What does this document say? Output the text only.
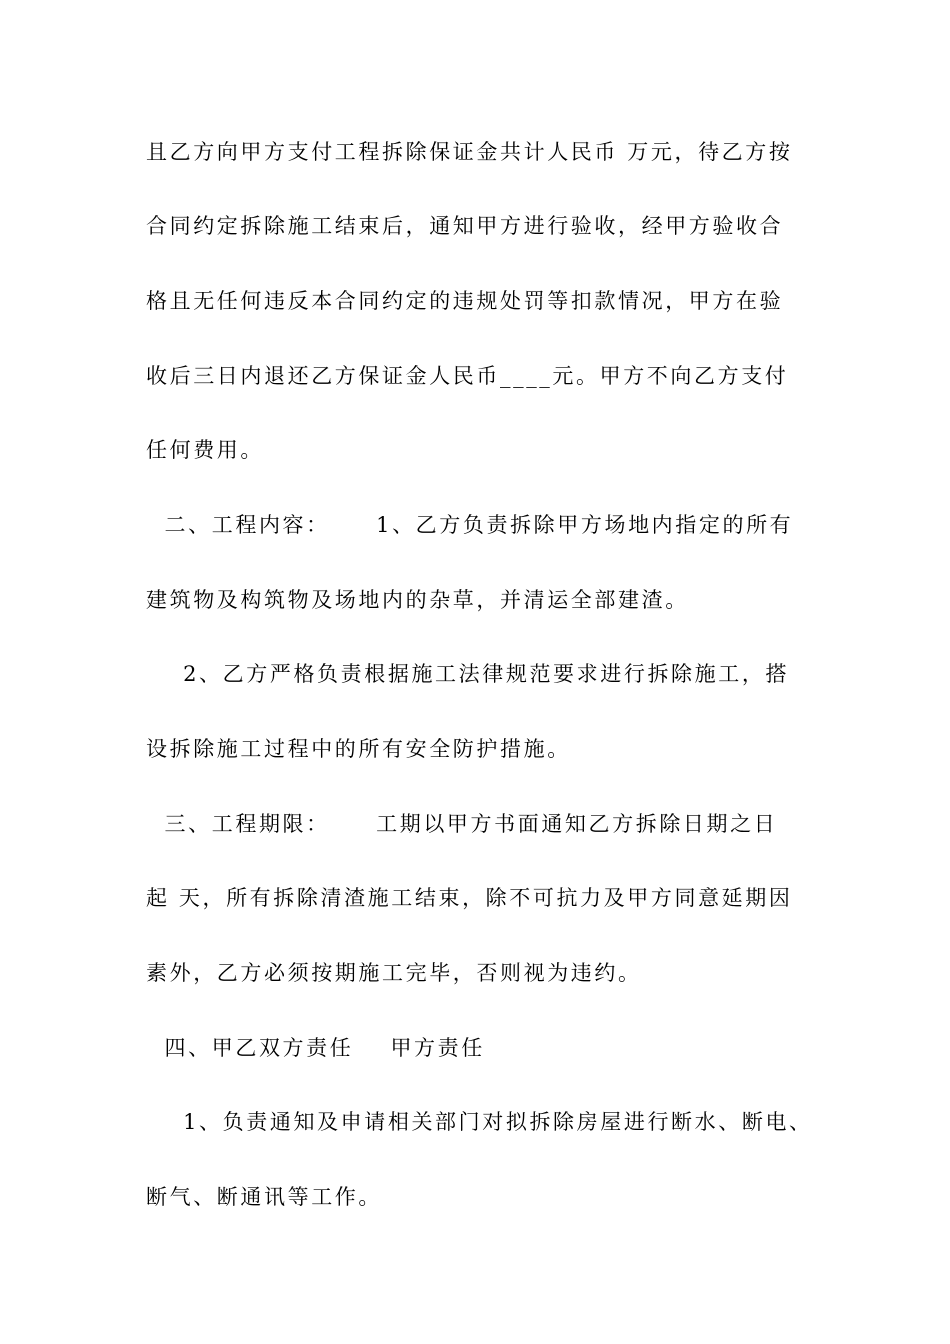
且乙方向甲方支付工程拆除保证金共计人民币 万元，待乙方按
合同约定拆除施工结束后，通知甲方进行验收，经甲方验收合
格且无任何违反本合同约定的违规处罚等扣款情况，甲方在验
收后三日内退还乙方保证金人民币____元。甲方不向乙方支付
任何费用。
二、工程内容：     1、乙方负责拆除甲方场地内指定的所有
建筑物及构筑物及场地内的杂草，并清运全部建渣。
2、乙方严格负责根据施工法律规范要求进行拆除施工，搭
设拆除施工过程中的所有安全防护措施。
三、工程期限：     工期以甲方书面通知乙方拆除日期之日
起 天，所有拆除清渣施工结束，除不可抗力及甲方同意延期因
素外，乙方必须按期施工完毕，否则视为违约。
四、甲乙双方责任    甲方责任
1、负责通知及申请相关部门对拟拆除房屋进行断水、断电、
断气、断通讯等工作。
